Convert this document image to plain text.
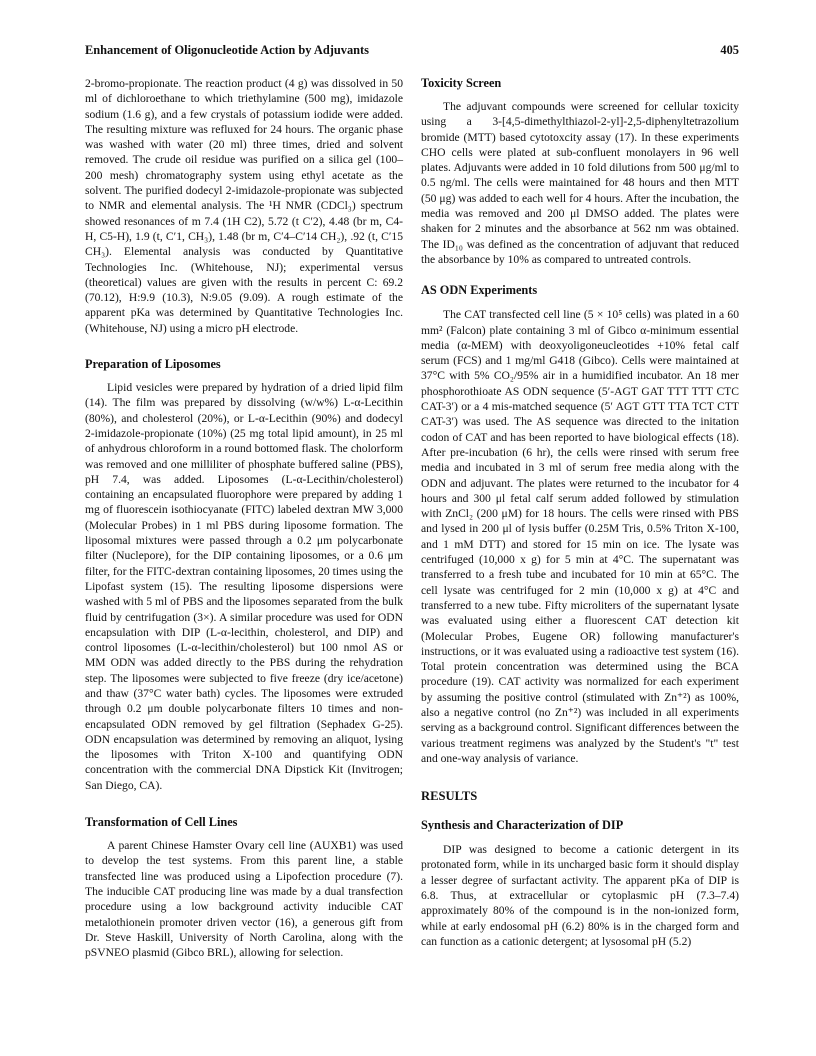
Enhancement of Oligonucleotide Action by Adjuvants	405

2-bromo-propionate. The reaction product (4 g) was dissolved in 50 ml of dichloroethane to which triethylamine (500 mg), imidazole sodium (1.6 g), and a few crystals of potassium iodide were added. The resulting mixture was refluxed for 24 hours. The organic phase was washed with water (20 ml) three times, dried and solvent removed. The crude oil residue was purified on a silica gel (100–200 mesh) chromatography system using ethyl acetate as the solvent. The purified dodecyl 2-imidazole-propionate was subjected to NMR and elemental analysis. The ¹H NMR (CDCl₃) spectrum showed resonances of m 7.4 (1H C2), 5.72 (t C′2), 4.48 (br m, C4-H, C5-H), 1.9 (t, C′1, CH₃), 1.48 (br m, C′4–C′14 CH₂), .92 (t, C′15 CH₃). Elemental analysis was conducted by Quantitative Technologies Inc. (Whitehouse, NJ); experimental versus (theoretical) values are given with the results in percent C: 69.2 (70.12), H:9.9 (10.3), N:9.05 (9.09). A rough estimate of the apparent pKa was determined by Quantitative Technologies Inc. (Whitehouse, NJ) using a micro pH electrode.

Preparation of Liposomes

Lipid vesicles were prepared by hydration of a dried lipid film (14). The film was prepared by dissolving (w/w%) L-α-Lecithin (80%), and cholesterol (20%), or L-α-Lecithin (90%) and dodecyl 2-imidazole-propionate (10%) (25 mg total lipid amount), in 25 ml of anhydrous chloroform in a round bottomed flask. The cholorform was removed and one milliliter of phosphate buffered saline (PBS), pH 7.4, was added. Liposomes (L-α-Lecithin/cholesterol) containing an encapsulated fluorophore were prepared by adding 1 mg of fluorescein isothiocyanate (FITC) labeled dextran MW 3,000 (Molecular Probes) in 1 ml PBS during liposome formation. The liposomal mixtures were passed through a 0.2 μm polycarbonate filter (Nuclepore), for the DIP containing liposomes, or a 0.6 μm filter, for the FITC-dextran containing liposomes, 20 times using the Lipofast system (15). The resulting liposome dispersions were washed with 5 ml of PBS and the liposomes separated from the bulk fluid by centrifugation (3×). A similar procedure was used for ODN encapsulation with DIP (L-α-lecithin, cholesterol, and DIP) and control liposomes (L-α-lecithin/cholesterol) but 100 nmol AS or MM ODN was added directly to the PBS during the rehydration step. The liposomes were subjected to five freeze (dry ice/acetone) and thaw (37°C water bath) cycles. The liposomes were extruded through 0.2 μm double polycarbonate filters 10 times and non-encapsulated ODN removed by gel filtration (Sephadex G-25). ODN encapsulation was determined by removing an aliquot, lysing the liposomes with Triton X-100 and quantifying ODN concentration with the commercial DNA Dipstick Kit (Invitrogen; San Diego, CA).

Transformation of Cell Lines

A parent Chinese Hamster Ovary cell line (AUXB1) was used to develop the test systems. From this parent line, a stable transfected line was produced using a Lipofection procedure (7). The inducible CAT producing line was made by a dual transfection procedure using a low background activity inducible CAT metalothionein promoter driven vector (16), a generous gift from Dr. Steve Haskill, University of North Carolina, along with the pSVNEO plasmid (Gibco BRL), allowing for selection.

Toxicity Screen

The adjuvant compounds were screened for cellular toxicity using a 3-[4,5-dimethylthiazol-2-yl]-2,5-diphenyltetrazolium bromide (MTT) based cytotoxcity assay (17). In these experiments CHO cells were plated at sub-confluent monolayers in 96 well plates. Adjuvants were added in 10 fold dilutions from 500 μg/ml to 0.5 ng/ml. The cells were maintained for 48 hours and then MTT (50 μg) was added to each well for 4 hours. After the incubation, the media was removed and 200 μl DMSO added. The plates were shaken for 2 minutes and the absorbance at 562 nm was obtained. The ID₁₀ was defined as the concentration of adjuvant that reduced the absorbance by 10% as compared to untreated controls.

AS ODN Experiments

The CAT transfected cell line (5 × 10⁵ cells) was plated in a 60 mm² (Falcon) plate containing 3 ml of Gibco α-minimum essential media (α-MEM) with deoxyoligoneucleotides +10% fetal calf serum (FCS) and 1 mg/ml G418 (Gibco). Cells were maintained at 37°C with 5% CO₂/95% air in a humidified incubator. An 18 mer phosphorothioate AS ODN sequence (5′-AGT GAT TTT TTT CTC CAT-3′) or a 4 mis-matched sequence (5′ AGT GTT TTA TCT CTT CAT-3′) was used. The AS sequence was directed to the initation codon of CAT and has been reported to have biological effects (18). After pre-incubation (6 hr), the cells were rinsed with serum free media and incubated in 3 ml of serum free media along with the ODN and adjuvant. The plates were returned to the incubator for 4 hours and 300 μl fetal calf serum added followed by stimulation with ZnCl₂ (200 μM) for 18 hours. The cells were rinsed with PBS and lysed in 200 μl of lysis buffer (0.25M Tris, 0.5% Triton X-100, and 1 mM DTT) and stored for 15 min on ice. The lysate was centrifuged (10,000 x g) for 5 min at 4°C. The supernatant was transferred to a fresh tube and incubated for 10 min at 65°C. The cell lysate was centrifuged for 2 min (10,000 x g) at 4°C and transferred to a new tube. Fifty microliters of the supernatant lysate was evaluated using either a fluorescent CAT detection kit (Molecular Probes, Eugene OR) following manufacturer's instructions, or it was evaluated using a radioactive test system (16). Total protein concentration was determined using the BCA procedure (19). CAT activity was normalized for each experiment by assuming the positive control (stimulated with Zn⁺²) as 100%, also a negative control (no Zn⁺²) was included in all experiments serving as a background control. Significant differences between the various treatment regimens was analyzed by the Student's "t" test and one-way analysis of variance.

RESULTS
Synthesis and Characterization of DIP

DIP was designed to become a cationic detergent in its protonated form, while in its uncharged basic form it should display a lesser degree of surfactant activity. The apparent pKa of DIP is 6.8. Thus, at extracellular or cytoplasmic pH (7.3–7.4) approximately 80% of the compound is in the non-ionized form, while at early endosomal pH (6.2) 80% is in the charged form and can function as a cationic detergent; at lysosomal pH (5.2)
